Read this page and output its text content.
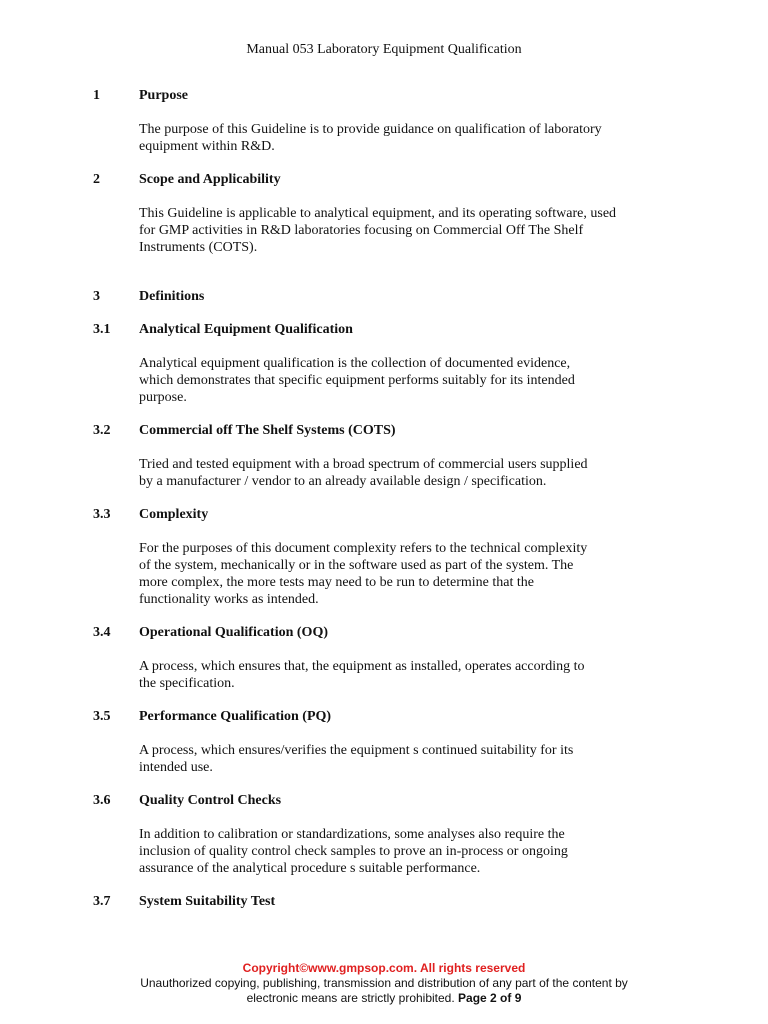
Manual 053 Laboratory Equipment Qualification
1	Purpose
The purpose of this Guideline is to provide guidance on qualification of laboratory
equipment within R&D.
2	Scope and Applicability
This Guideline is applicable to analytical equipment, and its operating software, used
for GMP activities in R&D laboratories focusing on Commercial Off The Shelf
Instruments (COTS).
3	Definitions
3.1 Analytical Equipment Qualification
Analytical equipment qualification is the collection of documented evidence,
which demonstrates that specific equipment performs suitably for its intended
purpose.
3.2 Commercial off The Shelf Systems (COTS)
Tried and tested equipment with a broad spectrum of commercial users supplied
by a manufacturer / vendor to an already available design / specification.
3.3 Complexity
For the purposes of this document complexity refers to the technical complexity
of the system, mechanically or in the software used as part of the system. The
more complex, the more tests may need to be run to determine that the
functionality works as intended.
3.4 Operational Qualification (OQ)
A process, which ensures that, the equipment as installed, operates according to
the specification.
3.5 Performance Qualification (PQ)
A process, which ensures/verifies the equipment s continued suitability for its
intended use.
3.6 Quality Control Checks
In addition to calibration or standardizations, some analyses also require the
inclusion of quality control check samples to prove an in-process or ongoing
assurance of the analytical procedure s suitable performance.
3.7 System Suitability Test
Copyright©www.gmpsop.com. All rights reserved
Unauthorized copying, publishing, transmission and distribution of any part of the content by
electronic means are strictly prohibited. Page 2 of 9
